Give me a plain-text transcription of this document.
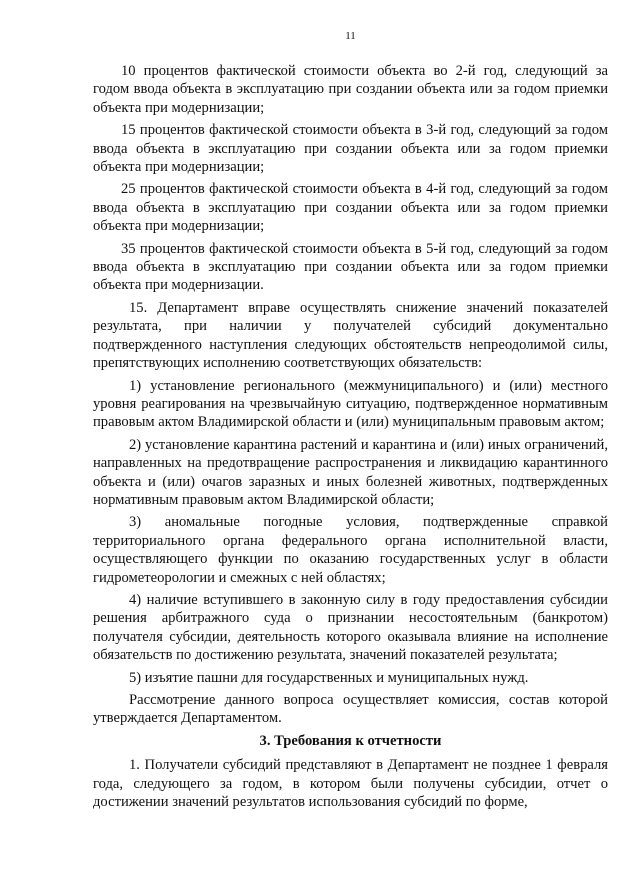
11

10 процентов фактической стоимости объекта во 2-й год, следующий за годом ввода объекта в эксплуатацию при создании объекта или за годом приемки объекта при модернизации;

15 процентов фактической стоимости объекта в 3-й год, следующий за годом ввода объекта в эксплуатацию при создании объекта или за годом приемки объекта при модернизации;

25 процентов фактической стоимости объекта в 4-й год, следующий за годом ввода объекта в эксплуатацию при создании объекта или за годом приемки объекта при модернизации;

35 процентов фактической стоимости объекта в 5-й год, следующий за годом ввода объекта в эксплуатацию при создании объекта или за годом приемки объекта при модернизации.

15. Департамент вправе осуществлять снижение значений показателей результата, при наличии у получателей субсидий документально подтвержденного наступления следующих обстоятельств непреодолимой силы, препятствующих исполнению соответствующих обязательств:

1) установление регионального (межмуниципального) и (или) местного уровня реагирования на чрезвычайную ситуацию, подтвержденное нормативным правовым актом Владимирской области и (или) муниципальным правовым актом;

2) установление карантина растений и карантина и (или) иных ограничений, направленных на предотвращение распространения и ликвидацию карантинного объекта и (или) очагов заразных и иных болезней животных, подтвержденных нормативным правовым актом Владимирской области;

3) аномальные погодные условия, подтвержденные справкой территориального органа федерального органа исполнительной власти, осуществляющего функции по оказанию государственных услуг в области гидрометеорологии и смежных с ней областях;

4) наличие вступившего в законную силу в году предоставления субсидии решения арбитражного суда о признании несостоятельным (банкротом) получателя субсидии, деятельность которого оказывала влияние на исполнение обязательств по достижению результата, значений показателей результата;

5) изъятие пашни для государственных и муниципальных нужд.

Рассмотрение данного вопроса осуществляет комиссия, состав которой утверждается Департаментом.

3. Требования к отчетности

1. Получатели субсидий представляют в Департамент не позднее 1 февраля года, следующего за годом, в котором были получены субсидии, отчет о достижении значений результатов использования субсидий по форме,
